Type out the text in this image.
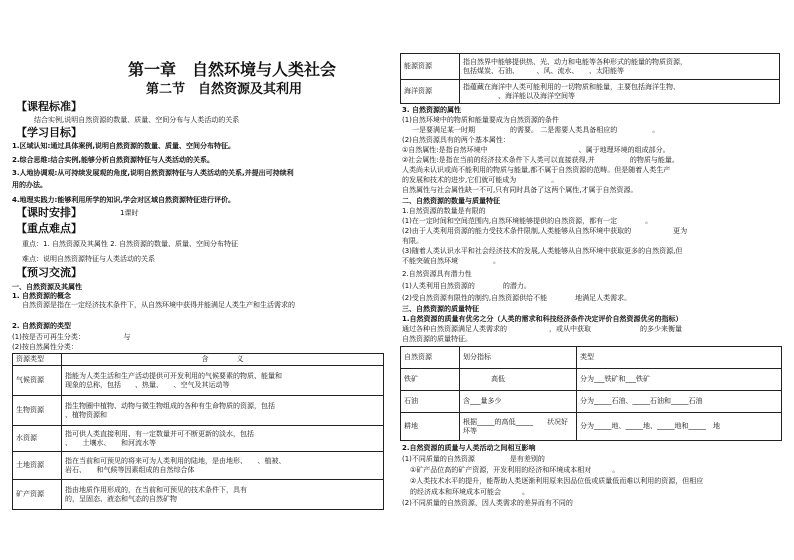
第一章　自然环境与人类社会
第二节　自然资源及其利用
【课程标准】
结合实例,说明自然资源的数量、质量、空间分布与人类活动的关系
【学习目标】
1.区域认知:通过具体案例,说明自然资源的数量、质量、空间分布特征。
2.综合思维:结合实例,能够分析自然资源特征与人类活动的关系。
3.人地协调观:从可持续发展观的角度,说明自然资源特征与人类活动的关系,并提出可持续利
用的办法。
4.地理实践力:能够利用所学的知识,学会对区域自然资源特征进行评价。
【课时安排】	1课时
【重点难点】
重点：1. 自然资源及其属性 2. 自然资源的数量、质量、空间分布特征
难点：说明自然资源特征与人类活动的关系
【预习交流】
一、自然资源及其属性
1. 自然资源的概念
自然资源是指在一定经济技术条件下，从自然环境中获得并能满足人类生产和生活需求的
2. 自然资源的类型
(1)按是否可再生分类：　　　　　　与
(2)按自然属性分类：
资源类型	含　　　　义
气候资源	指能为人类生活和生产活动提供可开发利用的气候要素的物质、能量和
现象的总称，包括　　、热量、　　、空气及其运动等

生物资源	指生物圈中植物、动物与微生物组成的各种有生命物质的资源，包括
、植物资源和

水资源	指可供人类直接利用、有一定数量并可不断更新的淡水，包括
、　　土壤水、　　和河流水等

土地资源	指在当前和可预见的将来可为人类利用的陆地，是由地形、　　、植被、
岩石、　　和气候等因素组成的自然综合体

矿产资源	指由地质作用形成的，在当前和可预见的技术条件下，具有
的，呈固态、液态和气态的自然矿物
能源资源	指自然界中能够提供热、光、动力和电能等各种形式的能量的物质资源，
包括煤炭、石油、　　　、风、流水、　　、太阳能等

海洋资源	指蕴藏在海洋中人类可能利用的一切物质和能量，主要包括海洋生物、
　　　　　、海洋能以及海洋空间等
3. 自然资源的属性
(1)自然环境中的物质和能量要成为自然资源的条件
一是要满足某一时期　　　　　的需要。 二是需要人类具备相应的　　　　　。
(2)自然资源具有的两个基本属性：
①自然属性:是指自然环境中　　　　　　　　　　　　　、属于地理环境的组成部分。
②社会属性:是指在当前的经济技术条件下人类可以直接获得,并　　　　　的物质与能量。
人类尚未认识或尚不能利用的物质与能量,都不属于自然资源的范畴。但是随着人类生产
的发展和技术的进步,它们就可能成为　　　　　。
自然属性与社会属性缺一不可,只有同时具备了这两个属性,才属于自然资源。
二、自然资源的数量与质量特征
1.自然资源的数量是有限的
(1)在一定时间和空间范围内,自然环境能够提供的自然资源，都有一定　　　　。
(2)由于人类利用资源的能力受技术条件限制,人类能够从自然环境中获取的　　　　　　更为
有限。
(3)随着人类认识水平和社会经济技术的发展,人类能够从自然环境中获取更多的自然资源,但
不能突破自然环境　　　　　。
2.自然资源具有潜力性
(1)人类利用自然资源的　　　　的潜力。
(2)受自然资源有限性的制约,自然资源供给不能　　　　地满足人类需求。
三、自然资源的质量特征
1.自然资源的质量有优劣之分（人类的需求和科技经济条件决定评价自然资源优劣的指标）
通过各种自然资源满足人类需求的　　　　　　，或从中获取　　　　　　　的多少来衡量
自然资源的质量特征。
自然资源	划分指标	类型
铁矿	　　　　高低	分为___铁矿和___铁矿
石油	含___量多少	分为_____石油、_____石油和_____石油
耕地	根据_____的高低_____　　状况好坏等	分为_____地、_____地、_____地和_____　地
2.自然资源的质量与人类活动之间相互影响
(1)不同质量的自然资源　　　　　是有差别的
①矿产品位高的矿产资源，开发利用的经济和环境成本相对　　　。
②人类技术水平的提升，能帮助人类逐渐利用原来因品位低或质量低而难以利用的资源，但相应
的经济成本和环境成本可能会　　　。
(2)不同质量的自然资源，因人类需求的差异而有不同的
